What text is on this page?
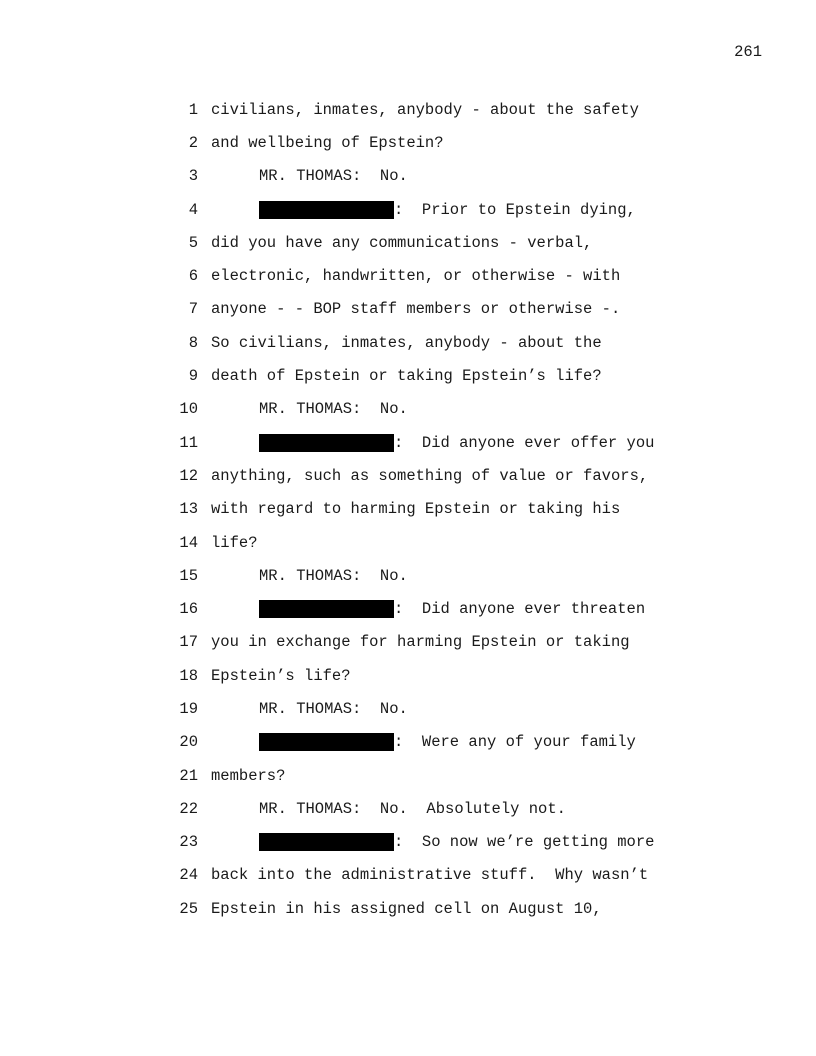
261
1 civilians, inmates, anybody - about the safety
2 and wellbeing of Epstein?
3	MR. THOMAS:  No.
4	:  Prior to Epstein dying,
5 did you have any communications - verbal,
6 electronic, handwritten, or otherwise - with
7 anyone - - BOP staff members or otherwise -.
8 So civilians, inmates, anybody - about the
9 death of Epstein or taking Epstein’s life?
10	MR. THOMAS:  No.
11	:  Did anyone ever offer you
12 anything, such as something of value or favors,
13 with regard to harming Epstein or taking his
14 life?
15	MR. THOMAS:  No.
16	:  Did anyone ever threaten
17 you in exchange for harming Epstein or taking
18 Epstein’s life?
19	MR. THOMAS:  No.
20	:  Were any of your family
21 members?
22	MR. THOMAS:  No.  Absolutely not.
23	:  So now we’re getting more
24 back into the administrative stuff.  Why wasn’t
25 Epstein in his assigned cell on August 10,
